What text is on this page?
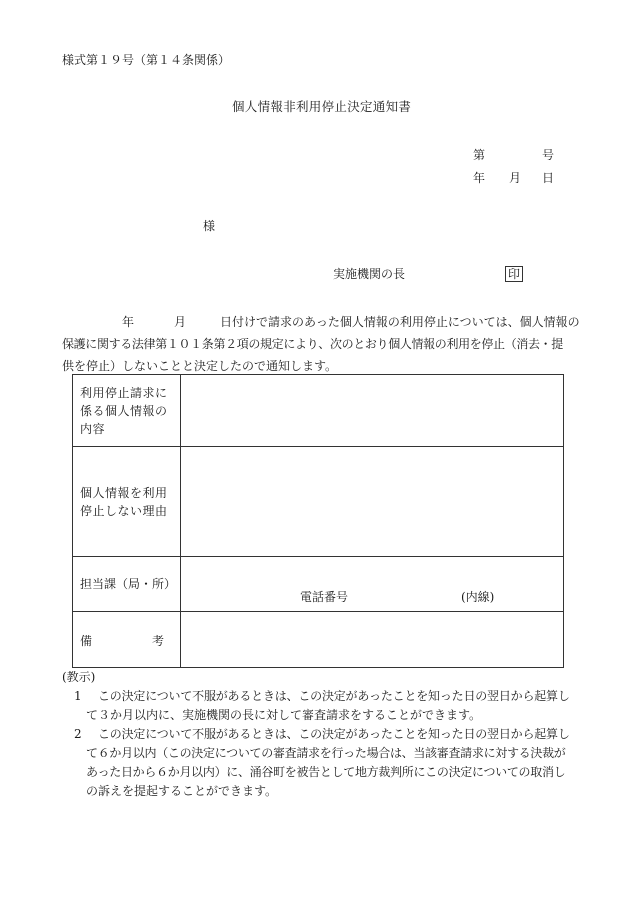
様式第１９号（第１４条関係）
個人情報非利用停止決定通知書
第	号
年 月 日
様
実施機関の長	印
年	月	日付けで請求のあった個人情報の利用停止については、個人情報の
保護に関する法律第１０１条第２項の規定により、次のとおり個人情報の利用を停止（消去・提
供を停止）しないことと決定したので通知します。
利用停止請求に
係る個人情報の
内容	

個人情報を利用
停止しない理由	

担当課（局・所）	電話番号 (内線)

備 考	

(教示)
1 この決定について不服があるときは、この決定があったことを知った日の翌日から起算し
て３か月以内に、実施機関の長に対して審査請求をすることができます。
2 この決定について不服があるときは、この決定があったことを知った日の翌日から起算し
て６か月以内（この決定についての審査請求を行った場合は、当該審査請求に対する決裁が
あった日から６か月以内）に、涌谷町を被告として地方裁判所にこの決定についての取消し
の訴えを提起することができます。
